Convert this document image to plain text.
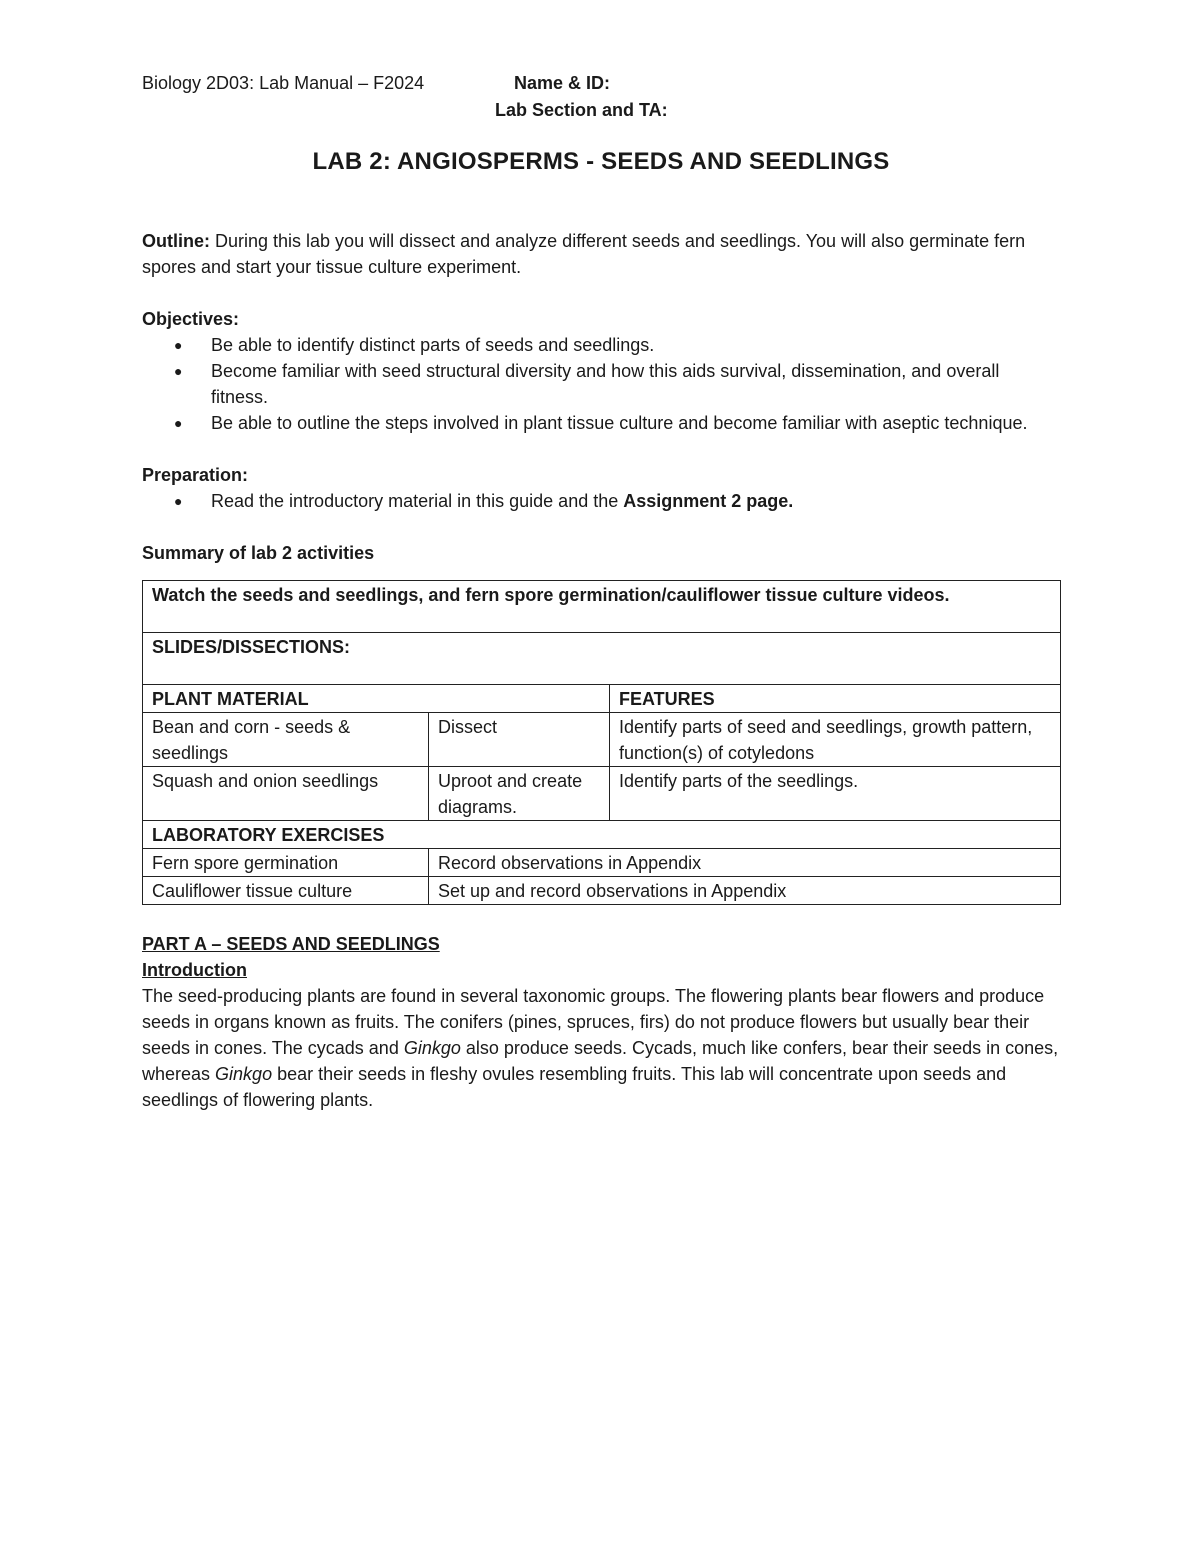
Biology 2D03: Lab Manual – F2024	Name & ID:
Lab Section and TA:
LAB 2: ANGIOSPERMS - SEEDS AND SEEDLINGS

Outline: During this lab you will dissect and analyze different seeds and seedlings. You will also germinate fern spores and start your tissue culture experiment.

Objectives:

● Be able to identify distinct parts of seeds and seedlings.
● Become familiar with seed structural diversity and how this aids survival, dissemination, and overall fitness.
● Be able to outline the steps involved in plant tissue culture and become familiar with aseptic technique.

Preparation:

● Read the introductory material in this guide and the Assignment 2 page.

Summary of lab 2 activities

Watch the seeds and seedlings, and fern spore germination/cauliflower tissue culture videos.		
SLIDES/DISSECTIONS:		
PLANT MATERIAL		FEATURES
Bean and corn - seeds & seedlings	Dissect	Identify parts of seed and seedlings, growth pattern, function(s) of cotyledons
Squash and onion seedlings	Uproot and create diagrams.	Identify parts of the seedlings.
LABORATORY EXERCISES		
Fern spore germination	Record observations in Appendix	
Cauliflower tissue culture	Set up and record observations in Appendix	

PART A – SEEDS AND SEEDLINGS

Introduction

The seed-producing plants are found in several taxonomic groups. The flowering plants bear flowers and produce seeds in organs known as fruits. The conifers (pines, spruces, firs) do not produce flowers but usually bear their seeds in cones. The cycads and Ginkgo also produce seeds. Cycads, much like confers, bear their seeds in cones, whereas Ginkgo bear their seeds in fleshy ovules resembling fruits. This lab will concentrate upon seeds and seedlings of flowering plants.
